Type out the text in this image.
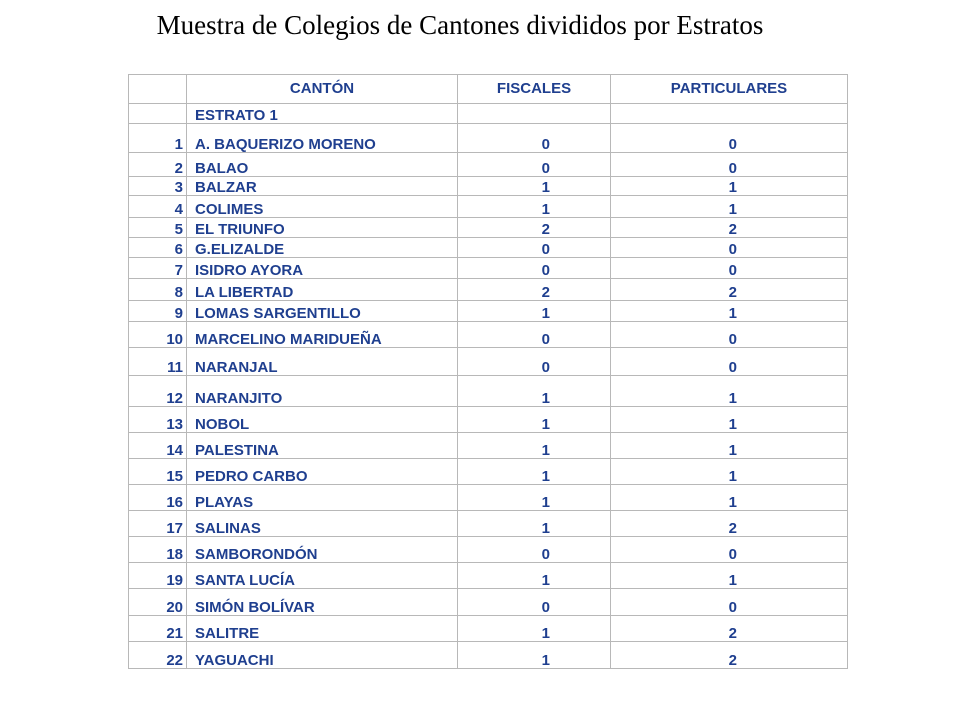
Muestra de Colegios de Cantones divididos por Estratos
	CANTÓN	FISCALES	PARTICULARES
	ESTRATO 1		
1	A. BAQUERIZO MORENO	0	0
2	BALAO	0	0
3	BALZAR	1	1
4	COLIMES	1	1
5	EL TRIUNFO	2	2
6	G.ELIZALDE	0	0
7	ISIDRO AYORA	0	0
8	LA LIBERTAD	2	2
9	LOMAS SARGENTILLO	1	1
10	MARCELINO MARIDUEÑA	0	0
11	NARANJAL	0	0
12	NARANJITO	1	1
13	NOBOL	1	1
14	PALESTINA	1	1
15	PEDRO CARBO	1	1
16	PLAYAS	1	1
17	SALINAS	1	2
18	SAMBORONDÓN	0	0
19	SANTA LUCÍA	1	1
20	SIMÓN BOLÍVAR	0	0
21	SALITRE	1	2
22	YAGUACHI	1	2
